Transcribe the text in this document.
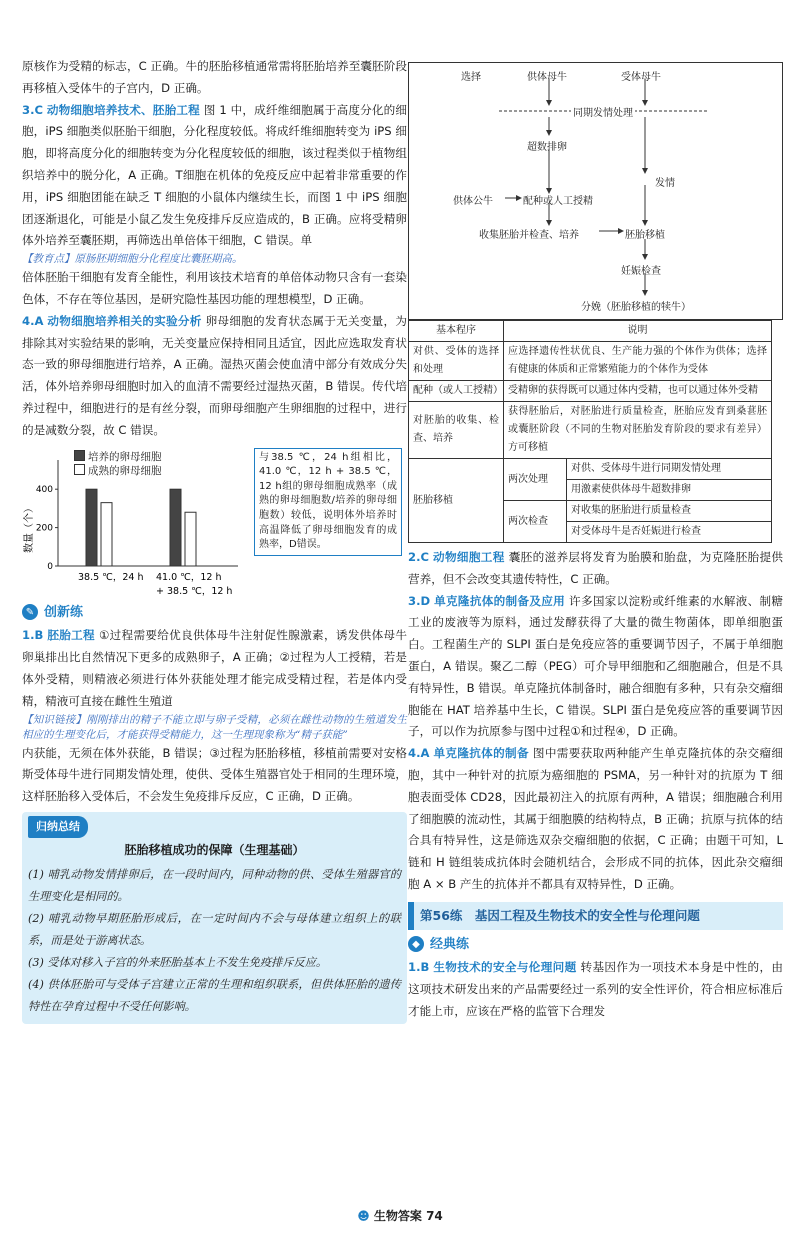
原核作为受精的标志，C 正确。牛的胚胎移植通常需将胚胎培养至囊胚阶段再移植入受体牛的子宫内，D 正确。

3.C 动物细胞培养技术、胚胎工程 图 1 中，成纤维细胞属于高度分化的细胞，iPS 细胞类似胚胎干细胞，分化程度较低。将成纤维细胞转变为 iPS 细胞，即将高度分化的细胞转变为分化程度较低的细胞，该过程类似于植物组织培养中的脱分化，A 正确。T细胞在机体的免疫反应中起着非常重要的作用，iPS 细胞团能在缺乏 T 细胞的小鼠体内继续生长，而图 1 中 iPS 细胞团逐渐退化，可能是小鼠乙发生免疫排斥反应造成的，B 正确。应将受精卵体外培养至囊胚期，再筛选出单倍体干细胞，C 错误。单

【教育点】原肠胚期细胞分化程度比囊胚期高。

倍体胚胎干细胞有发育全能性，利用该技术培育的单倍体动物只含有一套染色体，不存在等位基因，是研究隐性基因功能的理想模型，D 正确。

4.A 动物细胞培养相关的实验分析 卵母细胞的发育状态属于无关变量，为排除其对实验结果的影响，无关变量应保持相同且适宜，因此应选取发育状态一致的卵母细胞进行培养，A 正确。湿热灭菌会使血清中部分有效成分失活，体外培养卵母细胞时加入的血清不需要经过湿热灭菌，B 错误。传代培养过程中，细胞进行的是有丝分裂，而卵母细胞产生卵细胞的过程中，进行的是减数分裂，故 C 错误。

数量（个）
0
200
400
38.5 ℃，24 h 41.0 ℃，12 h
+ 38.5 ℃，12 h
培养的卵母细胞
成熟的卵母细胞
与38.5 ℃，24 h组相比，41.0 ℃，12 h + 38.5 ℃，12 h组的卵母细胞成熟率（成熟的卵母细胞数/培养的卵母细胞数）较低，说明体外培养时高温降低了卵母细胞发育的成熟率，D错误。
✎ 创新练

1.B 胚胎工程 ①过程需要给优良供体母牛注射促性腺激素，诱发供体母牛卵巢排出比自然情况下更多的成熟卵子，A 正确；②过程为人工授精，若是体外受精，则精液必须进行体外获能处理才能完成受精过程，若是体内受精，精液可直接在雌性生殖道

【知识链接】刚刚排出的精子不能立即与卵子受精，必须在雌性动物的生殖道发生相应的生理变化后，才能获得受精能力，这一生理现象称为“精子获能”

内获能，无须在体外获能，B 错误；③过程为胚胎移植，移植前需要对安格斯受体母牛进行同期发情处理，使供、受体生殖器官处于相同的生理环境，这样胚胎移入受体后，不会发生免疫排斥反应，C 正确，D 正确。

归纳总结
胚胎移植成功的保障（生理基础）
(1) 哺乳动物发情排卵后，在一段时间内，同种动物的供、受体生殖器官的生理变化是相同的。
(2) 哺乳动物早期胚胎形成后，在一定时间内不会与母体建立组织上的联系，而是处于游离状态。
(3) 受体对移入子宫的外来胚胎基本上不发生免疫排斥反应。
(4) 供体胚胎可与受体子宫建立正常的生理和组织联系，但供体胚胎的遗传特性在孕育过程中不受任何影响。
选择	供体母牛	受体母牛
同期发情处理
超数排卵
发情
供体公牛	配种或人工授精
收集胚胎并检查、培养	胚胎移植
妊娠检查
分娩（胚胎移植的犊牛）
基本程序	说明	
对供、受体的选择和处理	应选择遗传性状优良、生产能力强的个体作为供体；选择有健康的体质和正常繁殖能力的个体作为受体	
配种（或人工授精）	受精卵的获得既可以通过体内受精，也可以通过体外受精	
对胚胎的收集、检查、培养	获得胚胎后，对胚胎进行质量检查，胚胎应发育到桑葚胚或囊胚阶段（不同的生物对胚胎发育阶段的要求有差异）方可移植	
胚胎移植	两次处理	对供、受体母牛进行同期发情处理
		用激素使供体母牛超数排卵
	两次检查	对收集的胚胎进行质量检查
		对受体母牛是否妊娠进行检查

2.C 动物细胞工程 囊胚的滋养层将发育为胎膜和胎盘，为克隆胚胎提供营养，但不会改变其遗传特性，C 正确。

3.D 单克隆抗体的制备及应用 许多国家以淀粉或纤维素的水解液、制糖工业的废液等为原料，通过发酵获得了大量的微生物菌体，即单细胞蛋白。工程菌生产的 SLPI 蛋白是免疫应答的重要调节因子，不属于单细胞蛋白，A 错误。聚乙二醇（PEG）可介导甲细胞和乙细胞融合，但是不具有特异性，B 错误。单克隆抗体制备时，融合细胞有多种，只有杂交瘤细胞能在 HAT 培养基中生长，C 错误。SLPI 蛋白是免疫应答的重要调节因子，可以作为抗原参与图中过程①和过程④，D 正确。

4.A 单克隆抗体的制备 图中需要获取两种能产生单克隆抗体的杂交瘤细胞，其中一种针对的抗原为癌细胞的 PSMA，另一种针对的抗原为 T 细胞表面受体 CD28，因此最初注入的抗原有两种，A 错误；细胞融合利用了细胞膜的流动性，其属于细胞膜的结构特点，B 正确；抗原与抗体的结合具有特异性，这是筛选双杂交瘤细胞的依据，C 正确；由题干可知，L 链和 H 链组装成抗体时会随机结合，会形成不同的抗体，因此杂交瘤细胞 A × B 产生的抗体并不都具有双特异性，D 正确。

第56练　基因工程及生物技术的安全性与伦理问题
◆ 经典练

1.B 生物技术的安全与伦理问题 转基因作为一项技术本身是中性的，由这项技术研发出来的产品需要经过一系列的安全性评价，符合相应标准后才能上市，应该在严格的监管下合理发

☻ 生物答案 74
